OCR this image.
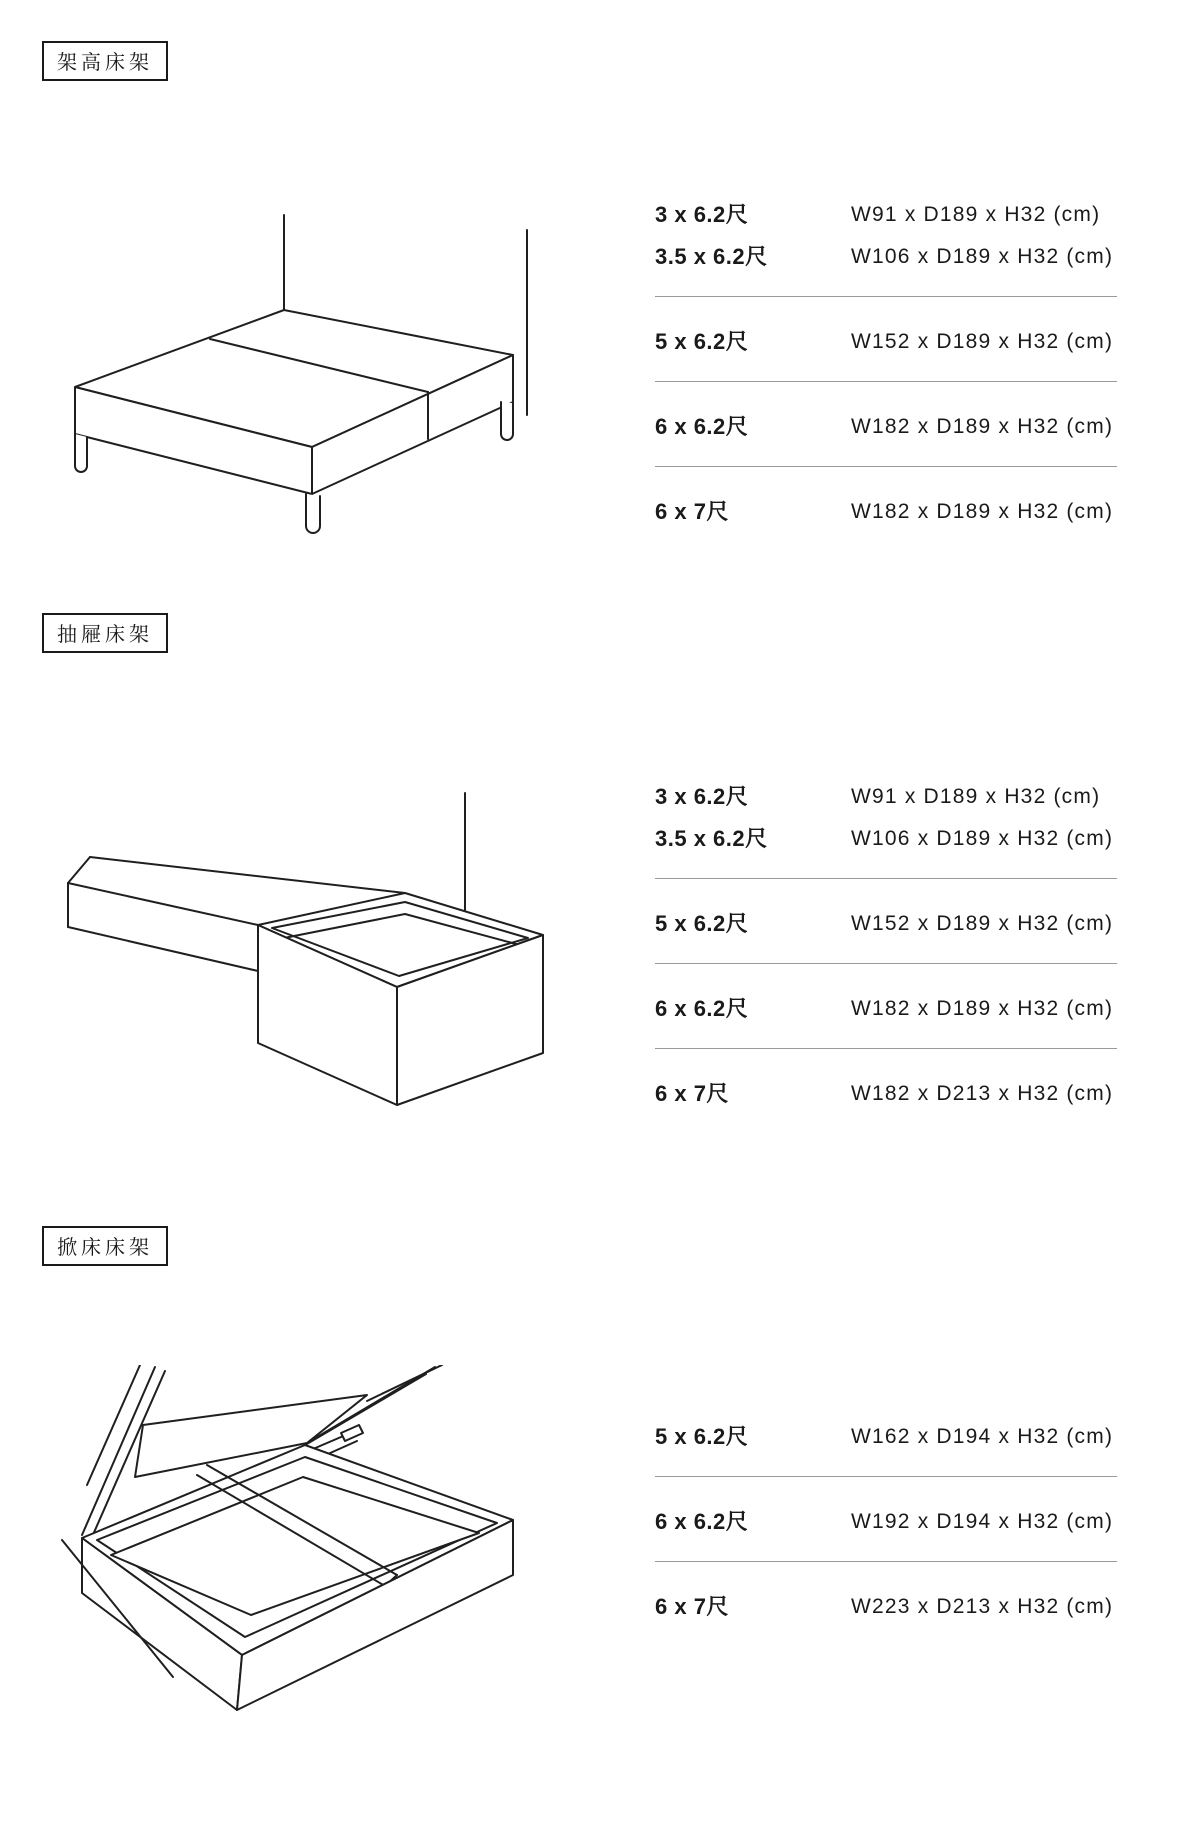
架高床架
3 x 6.2尺	W91 x D189 x H32 (cm)
3.5 x 6.2尺	W106 x D189 x H32 (cm)
5 x 6.2尺	W152 x D189 x H32 (cm)
6 x 6.2尺	W182 x D189 x H32 (cm)
6 x 7尺	W182 x D189 x H32 (cm)
抽屜床架
3 x 6.2尺	W91 x D189 x H32 (cm)
3.5 x 6.2尺	W106 x D189 x H32 (cm)
5 x 6.2尺	W152 x D189 x H32 (cm)
6 x 6.2尺	W182 x D189 x H32 (cm)
6 x 7尺	W182 x D213 x H32 (cm)
掀床床架
5 x 6.2尺	W162 x D194 x H32 (cm)
6 x 6.2尺	W192 x D194 x H32 (cm)
6 x 7尺	W223 x D213 x H32 (cm)
